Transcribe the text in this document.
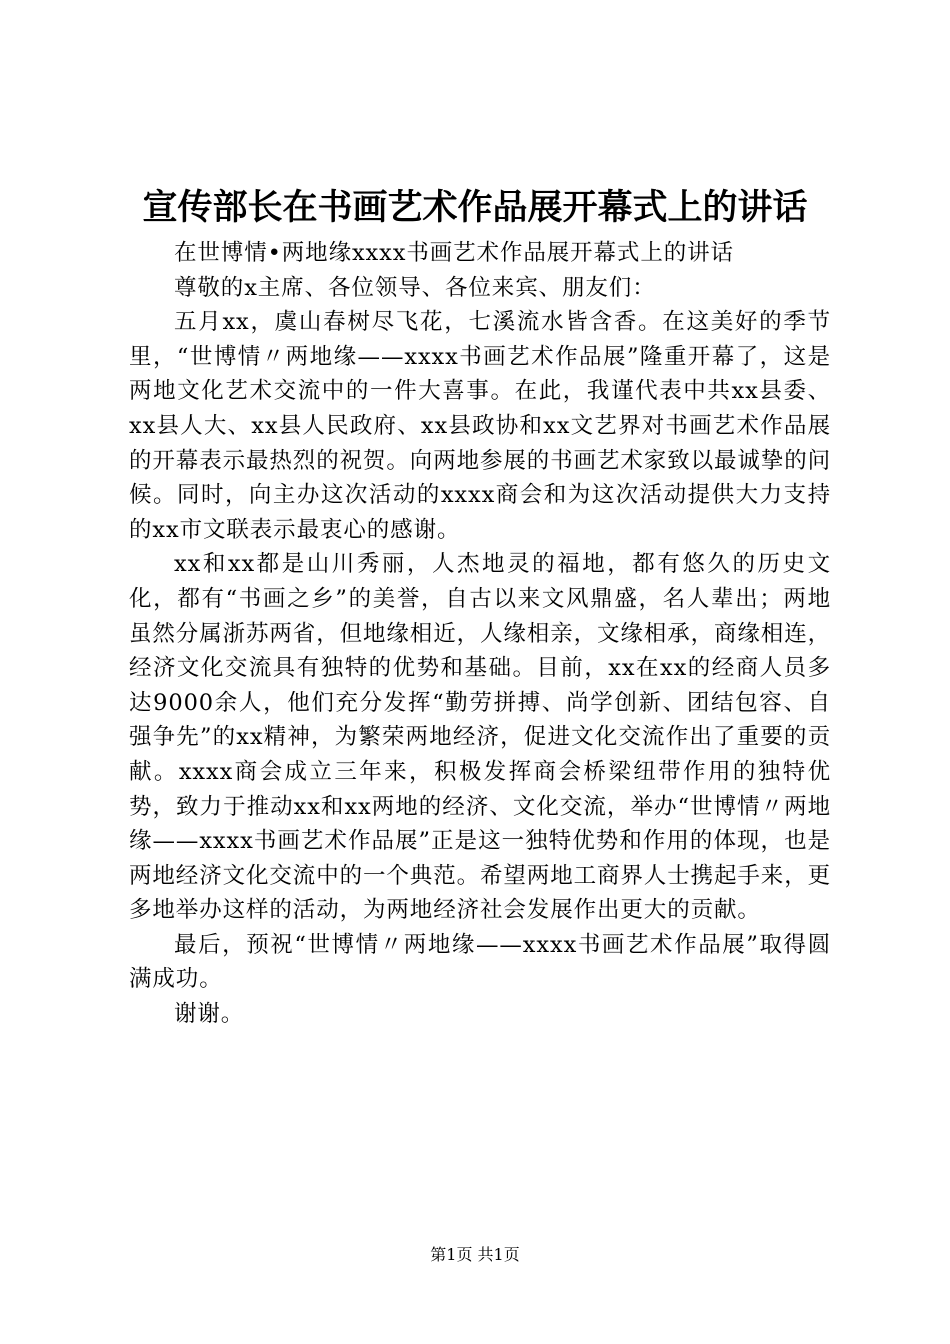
宣传部长在书画艺术作品展开幕式上的讲话

在世博情•两地缘xxxx书画艺术作品展开幕式上的讲话

尊敬的x主席、各位领导、各位来宾、朋友们：

五月xx，虞山春树尽飞花，七溪流水皆含香。在这美好的季节里，“世博情〃两地缘——xxxx书画艺术作品展”隆重开幕了，这是两地文化艺术交流中的一件大喜事。在此，我谨代表中共xx县委、xx县人大、xx县人民政府、xx县政协和xx文艺界对书画艺术作品展的开幕表示最热烈的祝贺。向两地参展的书画艺术家致以最诚挚的问候。同时，向主办这次活动的xxxx商会和为这次活动提供大力支持的xx市文联表示最衷心的感谢。

xx和xx都是山川秀丽，人杰地灵的福地，都有悠久的历史文化，都有“书画之乡”的美誉，自古以来文风鼎盛，名人辈出；两地虽然分属浙苏两省，但地缘相近，人缘相亲，文缘相承，商缘相连，经济文化交流具有独特的优势和基础。目前，xx在xx的经商人员多达9000余人，他们充分发挥“勤劳拼搏、尚学创新、团结包容、自强争先”的xx精神，为繁荣两地经济，促进文化交流作出了重要的贡献。xxxx商会成立三年来，积极发挥商会桥梁纽带作用的独特优势，致力于推动xx和xx两地的经济、文化交流，举办“世博情〃两地缘——xxxx书画艺术作品展”正是这一独特优势和作用的体现，也是两地经济文化交流中的一个典范。希望两地工商界人士携起手来，更多地举办这样的活动，为两地经济社会发展作出更大的贡献。

最后，预祝“世博情〃两地缘——xxxx书画艺术作品展”取得圆满成功。

谢谢。

第1页 共1页
